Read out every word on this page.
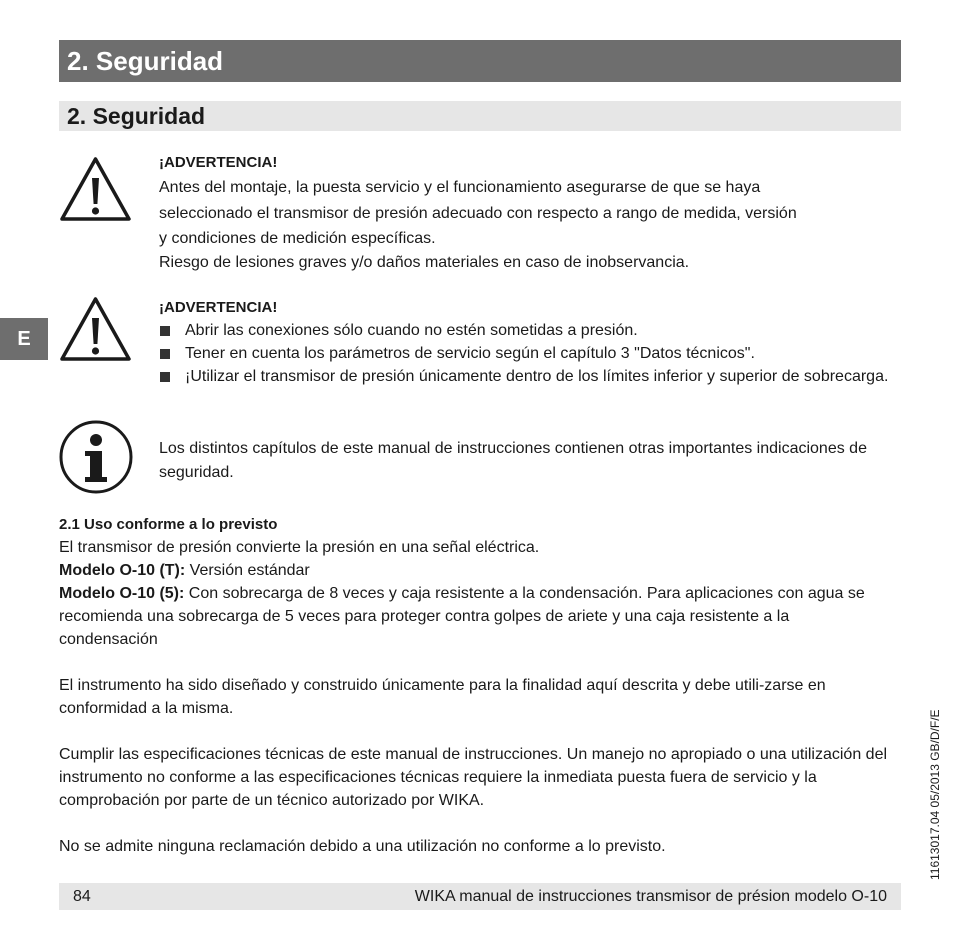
2. Seguridad
2. Seguridad
E
¡ADVERTENCIA!
Antes del montaje, la puesta servicio y el funcionamiento asegurarse de que se haya
seleccionado el transmisor de presión adecuado con respecto a rango de medida, versión
y condiciones de medición específicas.
Riesgo de lesiones graves y/o daños materiales en caso de inobservancia.
¡ADVERTENCIA!
Abrir las conexiones sólo cuando no estén sometidas a presión.
Tener en cuenta los parámetros de servicio según el capítulo 3 "Datos técnicos".
¡Utilizar el transmisor de presión únicamente dentro de los límites inferior y superior de sobrecarga.
Los distintos capítulos de este manual de instrucciones contienen otras importantes indicaciones de seguridad.

2.1 Uso conforme a lo previsto

El transmisor de presión convierte la presión en una señal eléctrica.

Modelo O-10 (T): Versión estándar

Modelo O-10 (5): Con sobrecarga de 8 veces y caja resistente a la condensación. Para aplicaciones con agua se recomienda una sobrecarga de 5 veces para proteger contra golpes de ariete y una caja resistente a la condensación

El instrumento ha sido diseñado y construido únicamente para la finalidad aquí descrita y debe utili-zarse en conformidad a la misma.

Cumplir las especificaciones técnicas de este manual de instrucciones. Un manejo no apropiado o una utilización del instrumento no conforme a las especificaciones técnicas requiere la inmediata puesta fuera de servicio y la comprobación por parte de un técnico autorizado por WIKA.

No se admite ninguna reclamación debido a una utilización no conforme a lo previsto.

84	WIKA manual de instrucciones transmisor de présion modelo O-10
11613017.04 05/2013 GB/D/F/E
